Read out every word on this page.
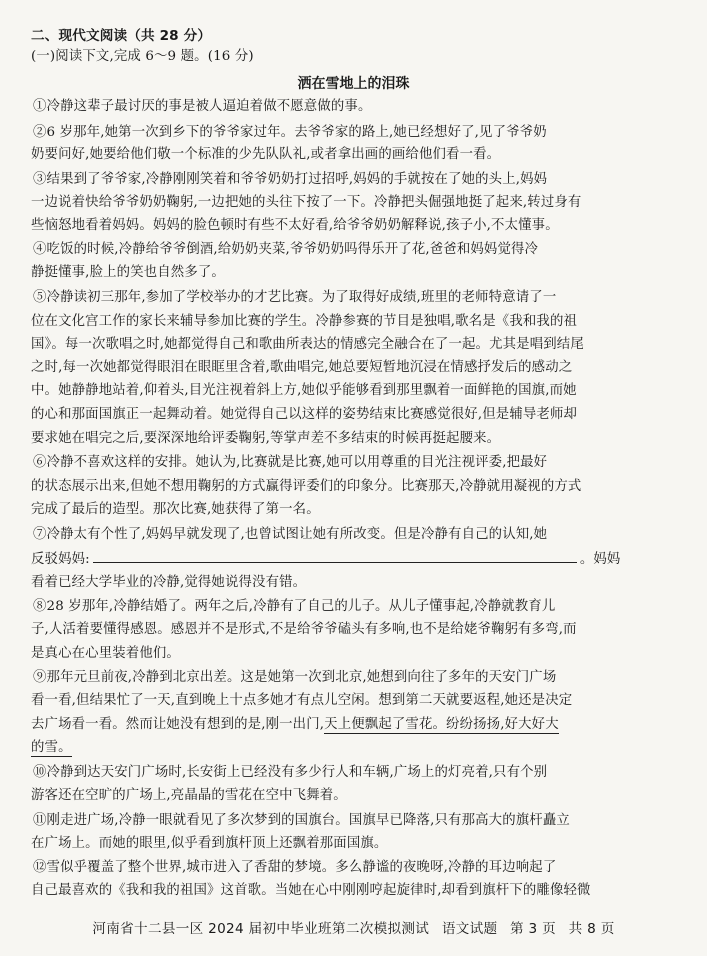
二、现代文阅读（共 28 分）
(一)阅读下文,完成 6～9 题。(16 分)
洒在雪地上的泪珠
①冷静这辈子最讨厌的事是被人逼迫着做不愿意做的事。
②6 岁那年,她第一次到乡下的爷爷家过年。去爷爷家的路上,她已经想好了,见了爷爷奶
奶要问好,她要给他们敬一个标准的少先队队礼,或者拿出画的画给他们看一看。
③结果到了爷爷家,冷静刚刚笑着和爷爷奶奶打过招呼,妈妈的手就按在了她的头上,妈妈
一边说着快给爷爷奶奶鞠躬,一边把她的头往下按了一下。冷静把头倔强地挺了起来,转过身有
些恼怒地看着妈妈。妈妈的脸色顿时有些不太好看,给爷爷奶奶解释说,孩子小,不太懂事。
④吃饭的时候,冷静给爷爷倒酒,给奶奶夹菜,爷爷奶奶吗得乐开了花,爸爸和妈妈觉得冷
静挺懂事,脸上的笑也自然多了。
⑤冷静读初三那年,参加了学校举办的才艺比赛。为了取得好成绩,班里的老师特意请了一
位在文化宫工作的家长来辅导参加比赛的学生。冷静参赛的节目是独唱,歌名是《我和我的祖
国》。每一次歌唱之时,她都觉得自己和歌曲所表达的情感完全融合在了一起。尤其是唱到结尾
之时,每一次她都觉得眼泪在眼眶里含着,歌曲唱完,她总要短暂地沉浸在情感抒发后的感动之
中。她静静地站着,仰着头,目光注视着斜上方,她似乎能够看到那里飘着一面鲜艳的国旗,而她
的心和那面国旗正一起舞动着。她觉得自己以这样的姿势结束比赛感觉很好,但是辅导老师却
要求她在唱完之后,要深深地给评委鞠躬,等掌声差不多结束的时候再挺起腰来。
⑥冷静不喜欢这样的安排。她认为,比赛就是比赛,她可以用尊重的目光注视评委,把最好
的状态展示出来,但她不想用鞠躬的方式赢得评委们的印象分。比赛那天,冷静就用凝视的方式
完成了最后的造型。那次比赛,她获得了第一名。
⑦冷静太有个性了,妈妈早就发现了,也曾试图让她有所改变。但是冷静有自己的认知,她
反驳妈妈:	。妈妈
看着已经大学毕业的冷静,觉得她说得没有错。
⑧28 岁那年,冷静结婚了。两年之后,冷静有了自己的儿子。从儿子懂事起,冷静就教育儿
子,人活着要懂得感恩。感恩并不是形式,不是给爷爷磕头有多响,也不是给姥爷鞠躬有多弯,而
是真心在心里装着他们。
⑨那年元旦前夜,冷静到北京出差。这是她第一次到北京,她想到向往了多年的天安门广场
看一看,但结果忙了一天,直到晚上十点多她才有点儿空闲。想到第二天就要返程,她还是决定
去广场看一看。然而让她没有想到的是,刚一出门,天上便飘起了雪花。纷纷扬扬,好大好大
的雪。
⑩冷静到达天安门广场时,长安街上已经没有多少行人和车辆,广场上的灯亮着,只有个别
游客还在空旷的广场上,亮晶晶的雪花在空中飞舞着。
⑪刚走进广场,冷静一眼就看见了多次梦到的国旗台。国旗早已降落,只有那高大的旗杆矗立
在广场上。而她的眼里,似乎看到旗杆顶上还飘着那面国旗。
⑫雪似乎覆盖了整个世界,城市进入了香甜的梦境。多么静谧的夜晚呀,冷静的耳边响起了
自己最喜欢的《我和我的祖国》这首歌。当她在心中刚刚哼起旋律时,却看到旗杆下的雕像轻微
河南省十二县一区 2024 届初中毕业班第二次模拟测试 语文试题 第 3 页 共 8 页
